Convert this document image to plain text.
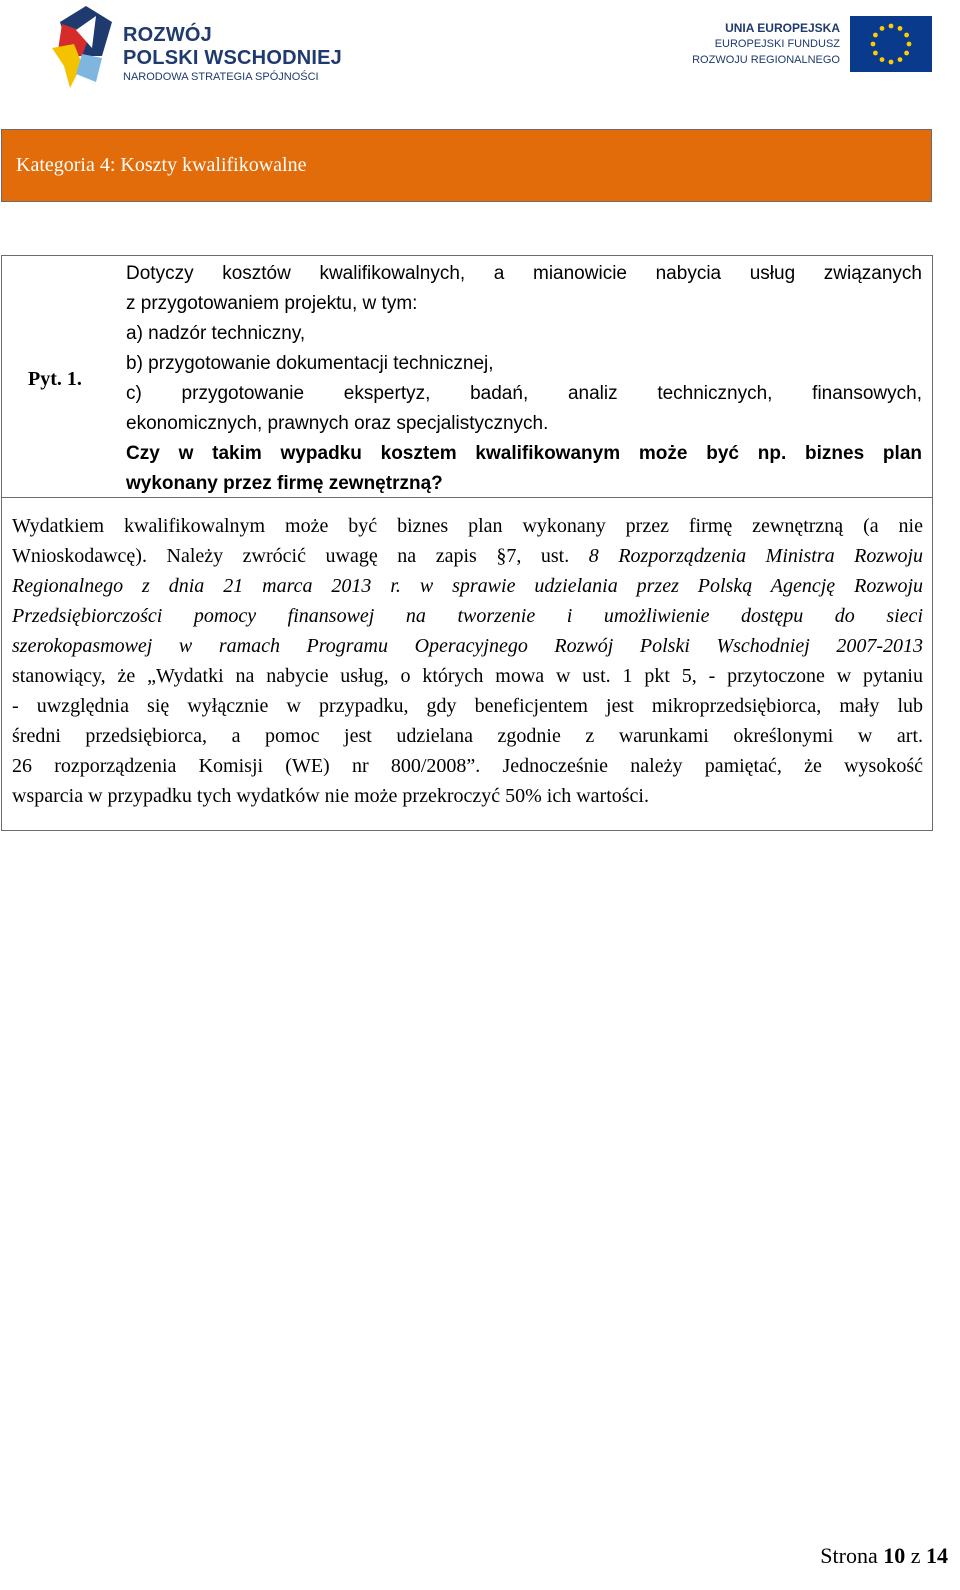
ROZWÓJ
POLSKI WSCHODNIEJ
NARODOWA STRATEGIA SPÓJNOŚCI
UNIA EUROPEJSKA
EUROPEJSKI FUNDUSZ
ROZWOJU REGIONALNEGO
Kategoria 4: Koszty kwalifikowalne
Pyt. 1.
Dotyczy kosztów kwalifikowalnych, a mianowicie nabycia usług związanych
z przygotowaniem projektu, w tym:
a) nadzór techniczny,
b) przygotowanie dokumentacji technicznej,
c) przygotowanie ekspertyz, badań, analiz technicznych, finansowych,
ekonomicznych, prawnych oraz specjalistycznych.
Czy w takim wypadku kosztem kwalifikowanym może być np. biznes plan
wykonany przez firmę zewnętrzną?
Wydatkiem kwalifikowalnym może być biznes plan wykonany przez firmę zewnętrzną (a nie
Wnioskodawcę). Należy zwrócić uwagę na zapis §7, ust. 8 Rozporządzenia Ministra Rozwoju
Regionalnego z dnia 21 marca 2013 r. w sprawie udzielania przez Polską Agencję Rozwoju
Przedsiębiorczości pomocy finansowej na tworzenie i umożliwienie dostępu do sieci
szerokopasmowej w ramach Programu Operacyjnego Rozwój Polski Wschodniej 2007-2013
stanowiący, że „Wydatki na nabycie usług, o których mowa w ust. 1 pkt 5, - przytoczone w pytaniu
- uwzględnia się wyłącznie w przypadku, gdy beneficjentem jest mikroprzedsiębiorca, mały lub
średni przedsiębiorca, a pomoc jest udzielana zgodnie z warunkami określonymi w art.
26 rozporządzenia Komisji (WE) nr 800/2008”. Jednocześnie należy pamiętać, że wysokość
wsparcia w przypadku tych wydatków nie może przekroczyć 50% ich wartości.
Strona 10 z 14
